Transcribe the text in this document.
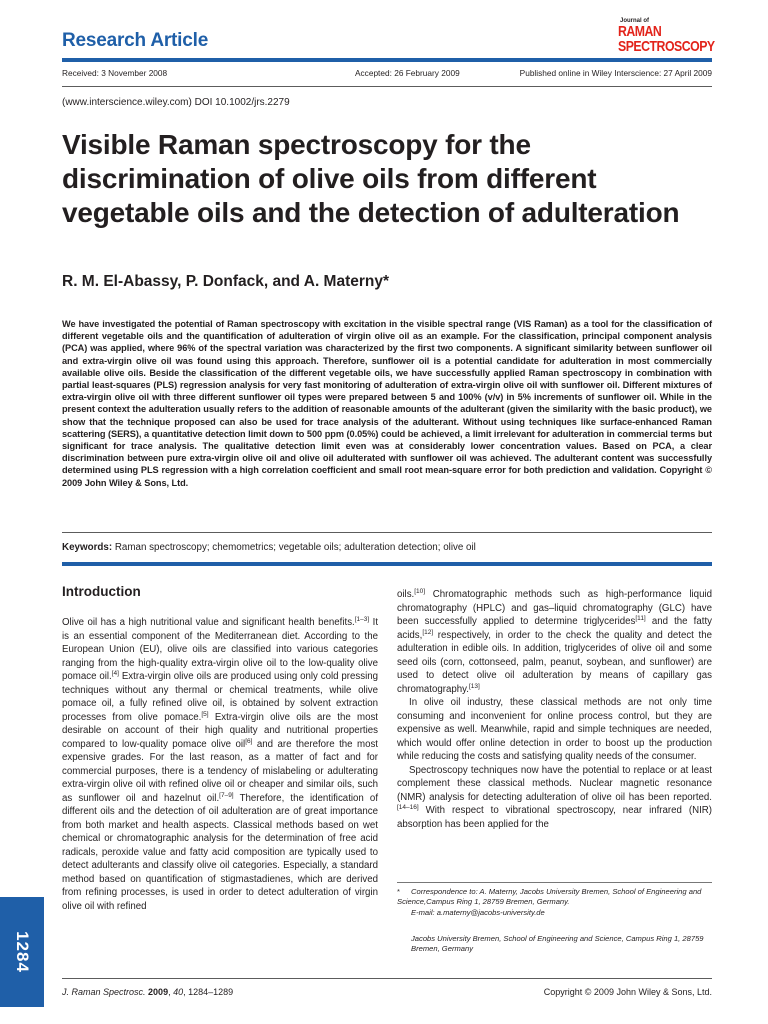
Research Article
Journal of
RAMAN
SPECTROSCOPY
Received: 3 November 2008	Accepted: 26 February 2009	Published online in Wiley Interscience: 27 April 2009
(www.interscience.wiley.com) DOI 10.1002/jrs.2279
Visible Raman spectroscopy for the discrimination of olive oils from different vegetable oils and the detection of adulteration
R. M. El-Abassy, P. Donfack, and A. Materny*
We have investigated the potential of Raman spectroscopy with excitation in the visible spectral range (VIS Raman) as a tool for the classification of different vegetable oils and the quantification of adulteration of virgin olive oil as an example. For the classification, principal component analysis (PCA) was applied, where 96% of the spectral variation was characterized by the first two components. A significant similarity between sunflower oil and extra-virgin olive oil was found using this approach. Therefore, sunflower oil is a potential candidate for adulteration in most commercially available olive oils. Beside the classification of the different vegetable oils, we have successfully applied Raman spectroscopy in combination with partial least-squares (PLS) regression analysis for very fast monitoring of adulteration of extra-virgin olive oil with sunflower oil. Different mixtures of extra-virgin olive oil with three different sunflower oil types were prepared between 5 and 100% (v/v) in 5% increments of sunflower oil. While in the present context the adulteration usually refers to the addition of reasonable amounts of the adulterant (given the similarity with the basic product), we show that the technique proposed can also be used for trace analysis of the adulterant. Without using techniques like surface-enhanced Raman scattering (SERS), a quantitative detection limit down to 500 ppm (0.05%) could be achieved, a limit irrelevant for adulteration in commercial terms but significant for trace analysis. The qualitative detection limit even was at considerably lower concentration values. Based on PCA, a clear discrimination between pure extra-virgin olive oil and olive oil adulterated with sunflower oil was achieved. The adulterant content was successfully determined using PLS regression with a high correlation coefficient and small root mean-square error for both prediction and validation. Copyright © 2009 John Wiley & Sons, Ltd.
Keywords: Raman spectroscopy; chemometrics; vegetable oils; adulteration detection; olive oil
Introduction

Olive oil has a high nutritional value and significant health benefits.[1–3] It is an essential component of the Mediterranean diet. According to the European Union (EU), olive oils are classified into various categories ranging from the high-quality extra-virgin olive oil to the low-quality olive pomace oil.[4] Extra-virgin olive oils are produced using only cold pressing techniques without any thermal or chemical treatments, while olive pomace oil, a fully refined olive oil, is obtained by solvent extraction processes from olive pomace.[5] Extra-virgin olive oils are the most desirable on account of their high quality and nutritional properties compared to low-quality pomace olive oil[6] and are therefore the most expensive grades. For the last reason, as a matter of fact and for commercial purposes, there is a tendency of mislabeling or adulterating extra-virgin olive oil with refined olive oil or cheaper and similar oils, such as sunflower oil and hazelnut oil.[7–9] Therefore, the identification of different oils and the detection of oil adulteration are of great importance from both market and health aspects. Classical methods based on wet chemical or chromatographic analysis for the determination of free acid radicals, peroxide value and fatty acid composition are typically used to detect adulterants and classify olive oil categories. Especially, a standard method based on quantification of stigmastadienes, which are derived from refining processes, is used in order to detect adulteration of virgin olive oil with refined

oils.[10] Chromatographic methods such as high-performance liquid chromatography (HPLC) and gas–liquid chromatography (GLC) have been successfully applied to determine triglycerides[11] and the fatty acids,[12] respectively, in order to the check the quality and detect the adulteration in edible oils. In addition, triglycerides of olive oil and some seed oils (corn, cottonseed, palm, peanut, soybean, and sunflower) are used to detect olive oil adulteration by means of capillary gas chromatography.[13]

In olive oil industry, these classical methods are not only time consuming and inconvenient for online process control, but they are expensive as well. Meanwhile, rapid and simple techniques are needed, which would offer online detection in order to boost up the production while reducing the costs and satisfying quality needs of the consumer.

Spectroscopy techniques now have the potential to replace or at least complement these classical methods. Nuclear magnetic resonance (NMR) analysis for detecting adulteration of olive oil has been reported.[14–16] With respect to vibrational spectroscopy, near infrared (NIR) absorption has been applied for the

* Correspondence to: A. Materny, Jacobs University Bremen, School of Engineering and Science,Campus Ring 1, 28759 Bremen, Germany.
E-mail: a.materny@jacobs-university.de
Jacobs University Bremen, School of Engineering and Science, Campus Ring 1, 28759 Bremen, Germany
1284
J. Raman Spectrosc. 2009, 40, 1284–1289	Copyright © 2009 John Wiley & Sons, Ltd.
